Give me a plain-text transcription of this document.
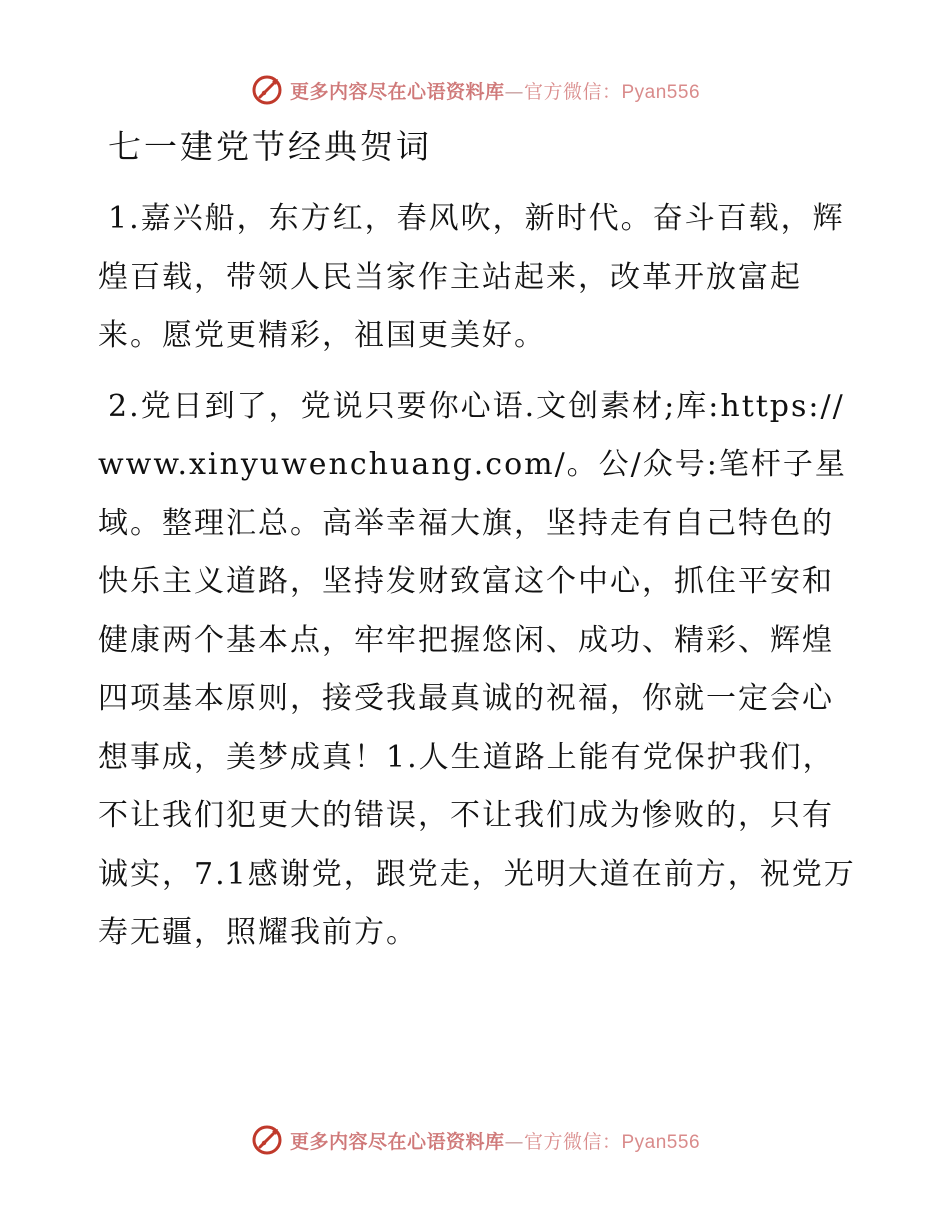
更多内容尽在心语资料库—官方微信：Pyan556
七一建党节经典贺词

1.嘉兴船，东方红，春风吹，新时代。奋斗百载，辉煌百载，带领人民当家作主站起来，改革开放富起来。愿党更精彩，祖国更美好。

2.党日到了，党说只要你心语.文创素材;库:https://www.xinyuwenchuang.com/。公/众号:笔杆子星域。整理汇总。高举幸福大旗，坚持走有自己特色的快乐主义道路，坚持发财致富这个中心，抓住平安和健康两个基本点，牢牢把握悠闲、成功、精彩、辉煌四项基本原则，接受我最真诚的祝福，你就一定会心想事成，美梦成真！1.人生道路上能有党保护我们，不让我们犯更大的错误，不让我们成为惨败的，只有诚实，7.1感谢党，跟党走，光明大道在前方，祝党万寿无疆，照耀我前方。

更多内容尽在心语资料库—官方微信：Pyan556
